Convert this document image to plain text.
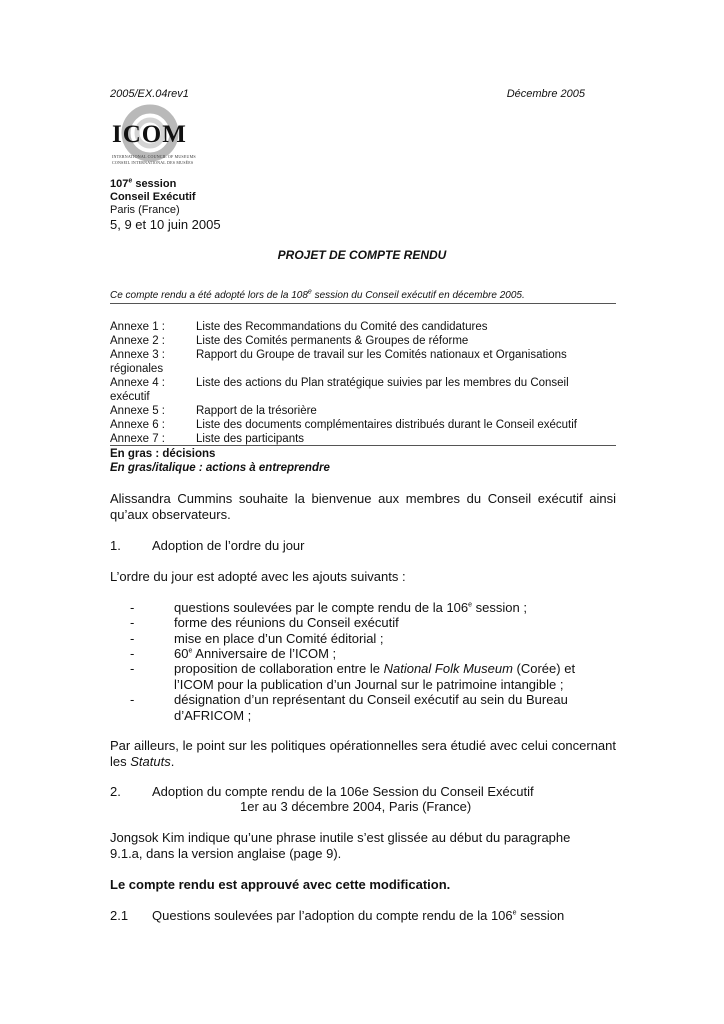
2005/EX.04rev1	Décembre 2005
ICOM
INTERNATIONAL COUNCIL OF MUSEUMS
CONSEIL INTERNATIONAL DES MUSÉES
107e session
Conseil Exécutif
Paris (France)
5, 9 et 10 juin 2005
PROJET DE COMPTE RENDU
Ce compte rendu a été adopté lors de la 108e session du Conseil exécutif en décembre 2005.
Annexe 1 :	Liste des Recommandations du Comité des candidatures
Annexe 2 :	Liste des Comités permanents & Groupes de réforme
Annexe 3 :	Rapport du Groupe de travail sur les Comités nationaux et Organisations
régionales
Annexe 4 :	Liste des actions du Plan stratégique suivies par les membres du Conseil
exécutif
Annexe 5 :	Rapport de la trésorière
Annexe 6 :	Liste des documents complémentaires distribués durant le Conseil exécutif
Annexe 7 :	Liste des participants
En gras : décisions
En gras/italique : actions à entreprendre
Alissandra Cummins souhaite la bienvenue aux membres du Conseil exécutif ainsi qu’aux observateurs.
1. Adoption de l’ordre du jour
L’ordre du jour est adopté avec les ajouts suivants :
-	questions soulevées par le compte rendu de la 106e session ;
-	forme des réunions du Conseil exécutif
-	mise en place d’un Comité éditorial ;
-	60e Anniversaire de l’ICOM ;
-	proposition de collaboration entre le National Folk Museum (Corée) et l’ICOM pour la publication d’un Journal sur le patrimoine intangible ;
-	désignation d’un représentant du Conseil exécutif au sein du Bureau d’AFRICOM ;
Par ailleurs, le point sur les politiques opérationnelles sera étudié avec celui concernant les Statuts.
2. Adoption du compte rendu de la 106e Session du Conseil Exécutif
1er au 3 décembre 2004, Paris (France)
Jongsok Kim indique qu’une phrase inutile s’est glissée au début du paragraphe 9.1.a, dans la version anglaise (page 9).
Le compte rendu est approuvé avec cette modification.
2.1 Questions soulevées par l’adoption du compte rendu de la 106e session
